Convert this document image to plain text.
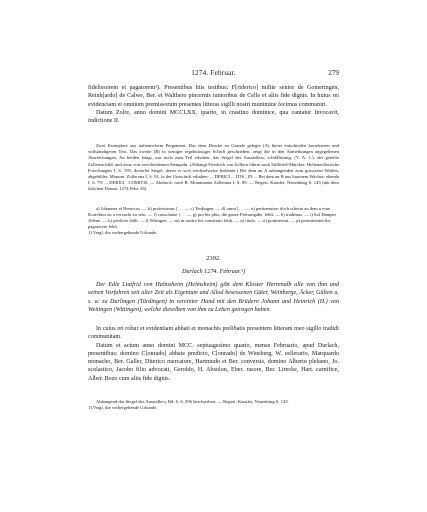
1274. Februar.	279

fidelissorem et pagatorem¹). Presentibus hiis testibus: F[riderico] milite senior de Gomeringen, Reinh[ardo] de Calwe, Ber. et Waltherо pincernis iunioribus de Celle et aliis fide dignis. In huius rei evidenciam et omnium premissorum presentes litteras sigilli nostri munimine fecimus communiri.

Datum Zolre, anno domini MCCLXX. quarto, in crastino dominice, qua cantatur Invocavit, indictione II.

Zwei Exemplare aus italienischem Pergament. Das dem Drucke zu Grunde gelegte (A) bietet entschieden korrekteren und vollständigeren Text. Das zweite (B) in weniger regelmässiger Schrift geschrieben, zeigt die in den Anmerkungen angegebenen Abweichungen. An beiden hängt, nur noch zum Teil erhalten, das Siegel des Ausstellers, schildförmig. (V. A. 1.): der geteilte Zollernschild, und zwar von verschiedenem Stempeln. (Abhängt Friedrich von Zollern führte nach Stillfried-Märcker, Hohenzollerische Forschungen I, S. 195, dreierlei Siegel, deren er sich wechselweise bediente.) Bei dem an A anhangenden zum grösseren Waffen, abgebildet: Monum. Zollerana I, S. 91, in der Umschrift erhalten: ... DERICI ... ITIS . IN ... Bei dem an B aus braunem Wachse, ebenda I, S. 79: ... DERICI . COMITIS. — Abdruck: nach B: Monumenta Zollerana I, S. 89. — Regest: Kausler, Neuenbürg S. 143 (mit dem falschen Datum: 1274 Febr. 26).

a) Johannes et Henricus. — b) professimus [. . . — c) Terdingen. — d) omni [. . . — e) pertinentiae; doch scheint an dem u eine Korrektur zu a versucht zu sein. — f) consolaiue [. . . — g) pro his plus, die ganze Preisangabe, fehlt. — h) tradimus. — i) Sol Damper Allene. — k) predicte fehlt. — l) Witingen. — m) in nostro his constituto fehlt. — n) titulo. — o) potimerunt. — p) premittentes his pagatorem fehlt.

1) Vergl. die vorhergehende Urkunde.

2392.
Durlach 1274. Februar.¹)

Der Edle Liutfrid von Halmsheim (Helmsheim) gibt dem Kloster Herrenalb alle von ihm und seinen Vorfahren seit alter Zeit als Eigentum und Allod besessenen Güter, Weinberge, Äcker, Gülten u. s. w. zu Durlingen (Türdingen) in vereinter Hand mit den Brüdern Johann und Heinrich (H.) von Weitingen (Wittingen), welche dieselben von ihm zu Lehen getragen haben.

In cuius rei robur et evidentiam abbati et monachis prelibatis presentem litteram meo sigillo tradidi communitam.

Datum et actum anno domini MCC. septuagesimo quarto, mense Februario, apud Durlach, presentibus: domino C[onrado] abbate predicto, C[onrado] de Winsberg, W. cellerario, Marquardo monacho, Ber. Galler, Diterico mercatore, Hartmudo et Ber. conversis, domino Alberto plebano, Jo. scolastico, Jacobo filio advocati, Geroldo, H. Absolon, Eber. rasore, Ber. Lirecke, Hart. carnifice, Alber. Bozo cum aliis fide dignis.

Abhangend das Siegel des Ausstellers, Bd. 6, S. 296 beschrieben. — Regest: Kausler, Neuenbürg S. 143.

1) Vergl. die vorhergehende Urkunde.
